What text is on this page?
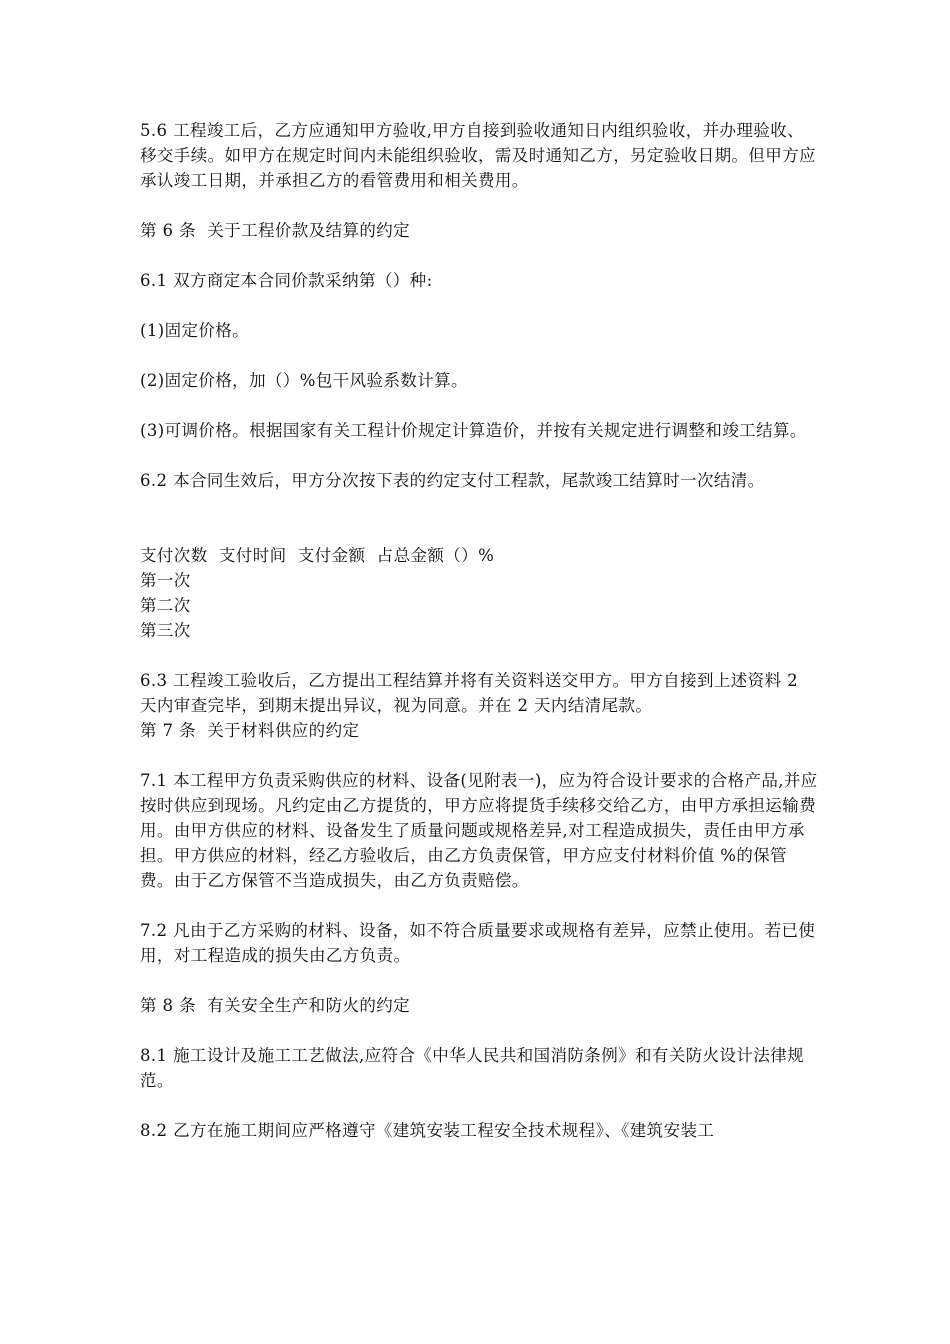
5.6 工程竣工后，乙方应通知甲方验收,甲方自接到验收通知日内组织验收，并办理验收、移交手续。如甲方在规定时间内未能组织验收，需及时通知乙方，另定验收日期。但甲方应承认竣工日期，并承担乙方的看管费用和相关费用。

第 6 条  关于工程价款及结算的约定

6.1 双方商定本合同价款采纳第（）种:

(1)固定价格。

(2)固定价格，加（）%包干风验系数计算。

(3)可调价格。根据国家有关工程计价规定计算造价，并按有关规定进行调整和竣工结算。

6.2 本合同生效后，甲方分次按下表的约定支付工程款，尾款竣工结算时一次结清。

支付次数  支付时间  支付金额  占总金额（）%

第一次

第二次

第三次

6.3 工程竣工验收后，乙方提出工程结算并将有关资料送交甲方。甲方自接到上述资料 2 天内审查完毕，到期末提出异议，视为同意。并在 2 天内结清尾款。

第 7 条  关于材料供应的约定

7.1 本工程甲方负责采购供应的材料、设备(见附表一)，应为符合设计要求的合格产品,并应按时供应到现场。凡约定由乙方提货的，甲方应将提货手续移交给乙方，由甲方承担运输费用。由甲方供应的材料、设备发生了质量问题或规格差异,对工程造成损失，责任由甲方承担。甲方供应的材料，经乙方验收后，由乙方负责保管，甲方应支付材料价值 %的保管费。由于乙方保管不当造成损失，由乙方负责赔偿。

7.2 凡由于乙方采购的材料、设备，如不符合质量要求或规格有差异，应禁止使用。若已使用，对工程造成的损失由乙方负责。

第 8 条  有关安全生产和防火的约定

8.1 施工设计及施工工艺做法,应符合《中华人民共和国消防条例》和有关防火设计法律规范。

8.2 乙方在施工期间应严格遵守《建筑安装工程安全技术规程》、《建筑安装工
